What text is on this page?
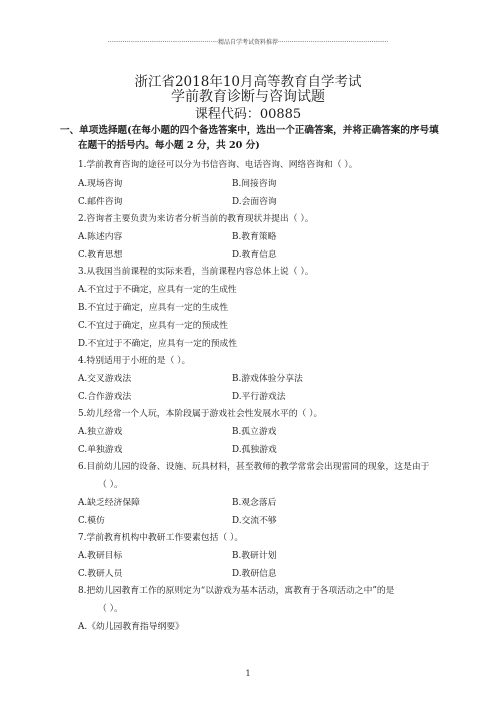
··························································精品自学考试资料推荐··························································
浙江省2018年10月高等教育自学考试
学前教育诊断与咨询试题
课程代码：00885
一、单项选择题(在每小题的四个备选答案中，选出一个正确答案，并将正确答案的序号填
在题干的括号内。每小题 2 分，共 20 分)
1.学前教育咨询的途径可以分为书信咨询、电话咨询、网络咨询和（ ）。
A.现场咨询	B.间接咨询
C.邮件咨询	D.会面咨询
2.咨询者主要负责为来访者分析当前的教育现状并提出（ ）。
A.陈述内容	B.教育策略
C.教育思想	D.教育信息
3.从我国当前课程的实际来看，当前课程内容总体上说（ ）。
A.不宜过于不确定，应具有一定的生成性
B.不宜过于确定，应具有一定的生成性
C.不宜过于确定，应具有一定的预成性
D.不宜过于不确定，应具有一定的预成性
4.特别适用于小班的是（ ）。
A.交叉游戏法	B.游戏体验分享法
C.合作游戏法	D.平行游戏法
5.幼儿经常一个人玩，本阶段属于游戏社会性发展水平的（ ）。
A.独立游戏	B.孤立游戏
C.单独游戏	D.孤独游戏
6.目前幼儿园的设备、设施、玩具材料，甚至教师的教学常常会出现雷同的现象，这是由于
（ ）。
A.缺乏经济保障	B.观念落后
C.模仿	D.交流不够
7.学前教育机构中教研工作要素包括（ ）。
A.教研目标	B.教研计划
C.教研人员	D.教研信息
8.把幼儿园教育工作的原则定为“以游戏为基本活动，寓教育于各项活动之中”的是
（ ）。
A.《幼儿园教育指导纲要》
1
